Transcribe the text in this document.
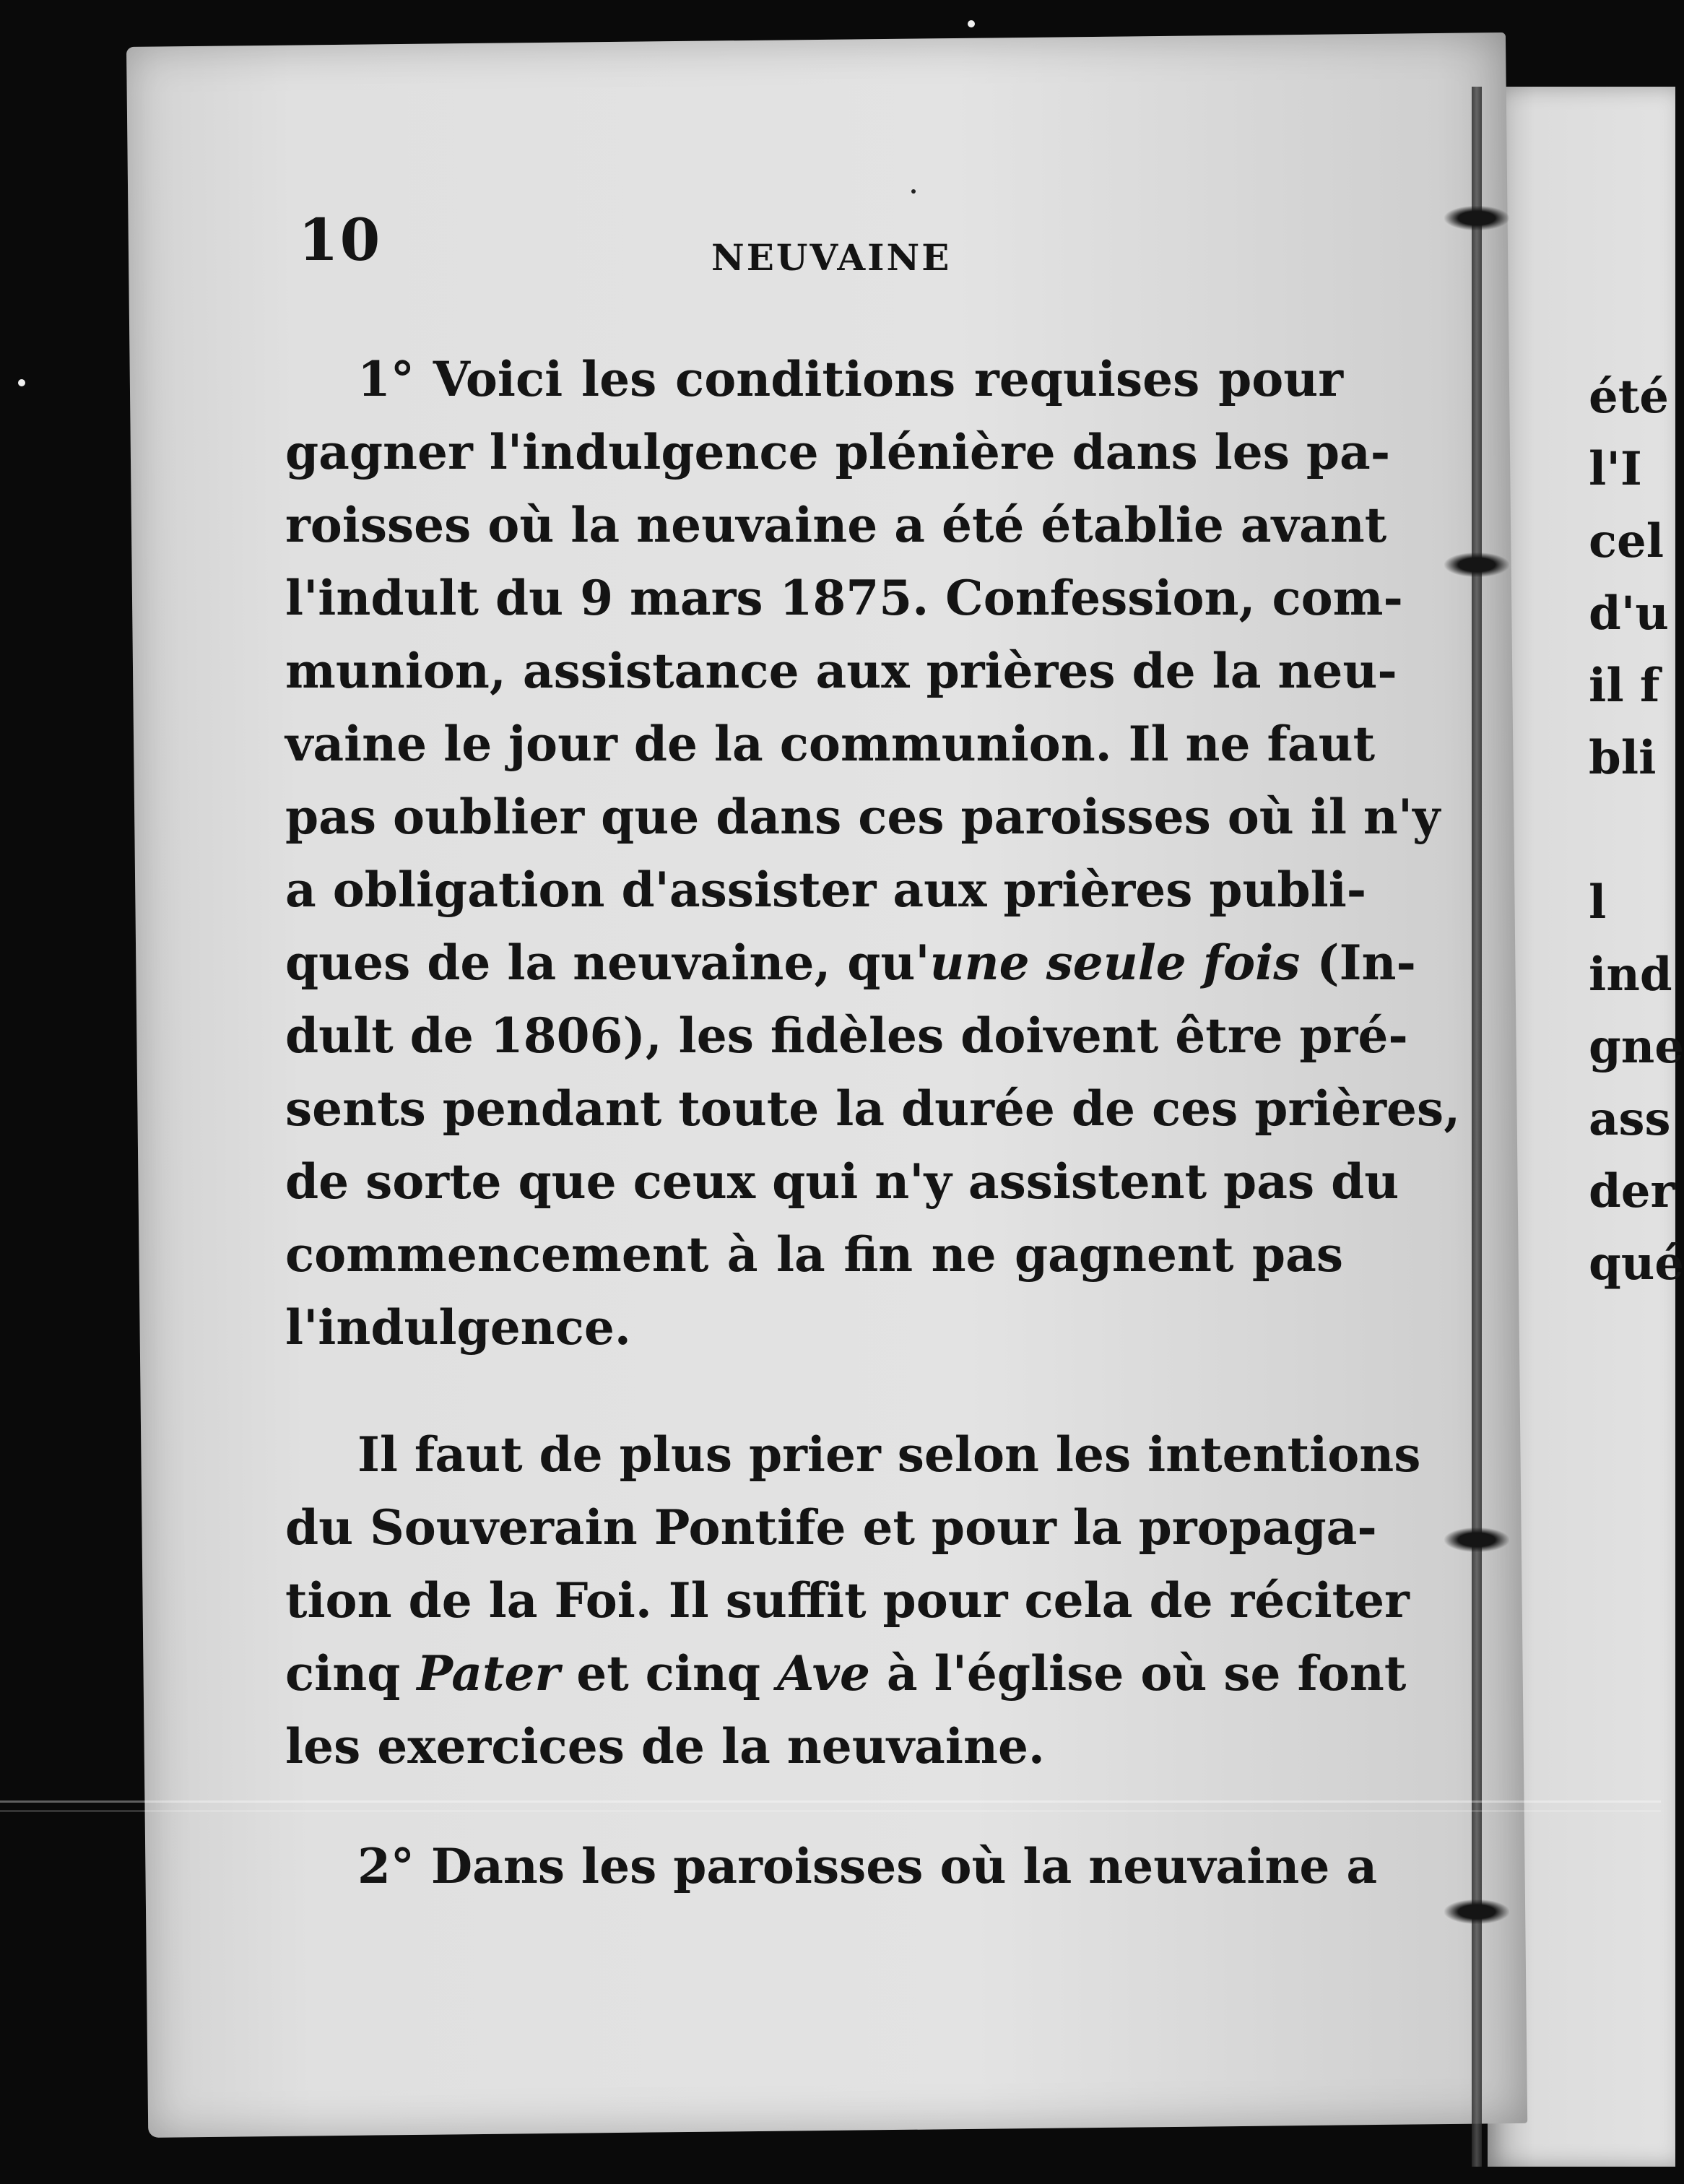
10	NEUVAINE
1° Voici les conditions requises pour
gagner l'indulgence plénière dans les pa-
roisses où la neuvaine a été établie avant
l'indult du 9 mars 1875. Confession, com-
munion, assistance aux prières de la neu-
vaine le jour de la communion. Il ne faut
pas oublier que dans ces paroisses où il n'y
a obligation d'assister aux prières publi-
ques de la neuvaine, qu'une seule fois (In-
dult de 1806), les fidèles doivent être pré-
sents pendant toute la durée de ces prières,
de sorte que ceux qui n'y assistent pas du
commencement à la fin ne gagnent pas
l'indulgence.
Il faut de plus prier selon les intentions
du Souverain Pontife et pour la propaga-
tion de la Foi. Il suffit pour cela de réciter
cinq Pater et cinq Ave à l'église où se font
les exercices de la neuvaine.
2° Dans les paroisses où la neuvaine a
été
l'I
cel
d'u
il f
bli

l
ind
gne
ass
der
qué
